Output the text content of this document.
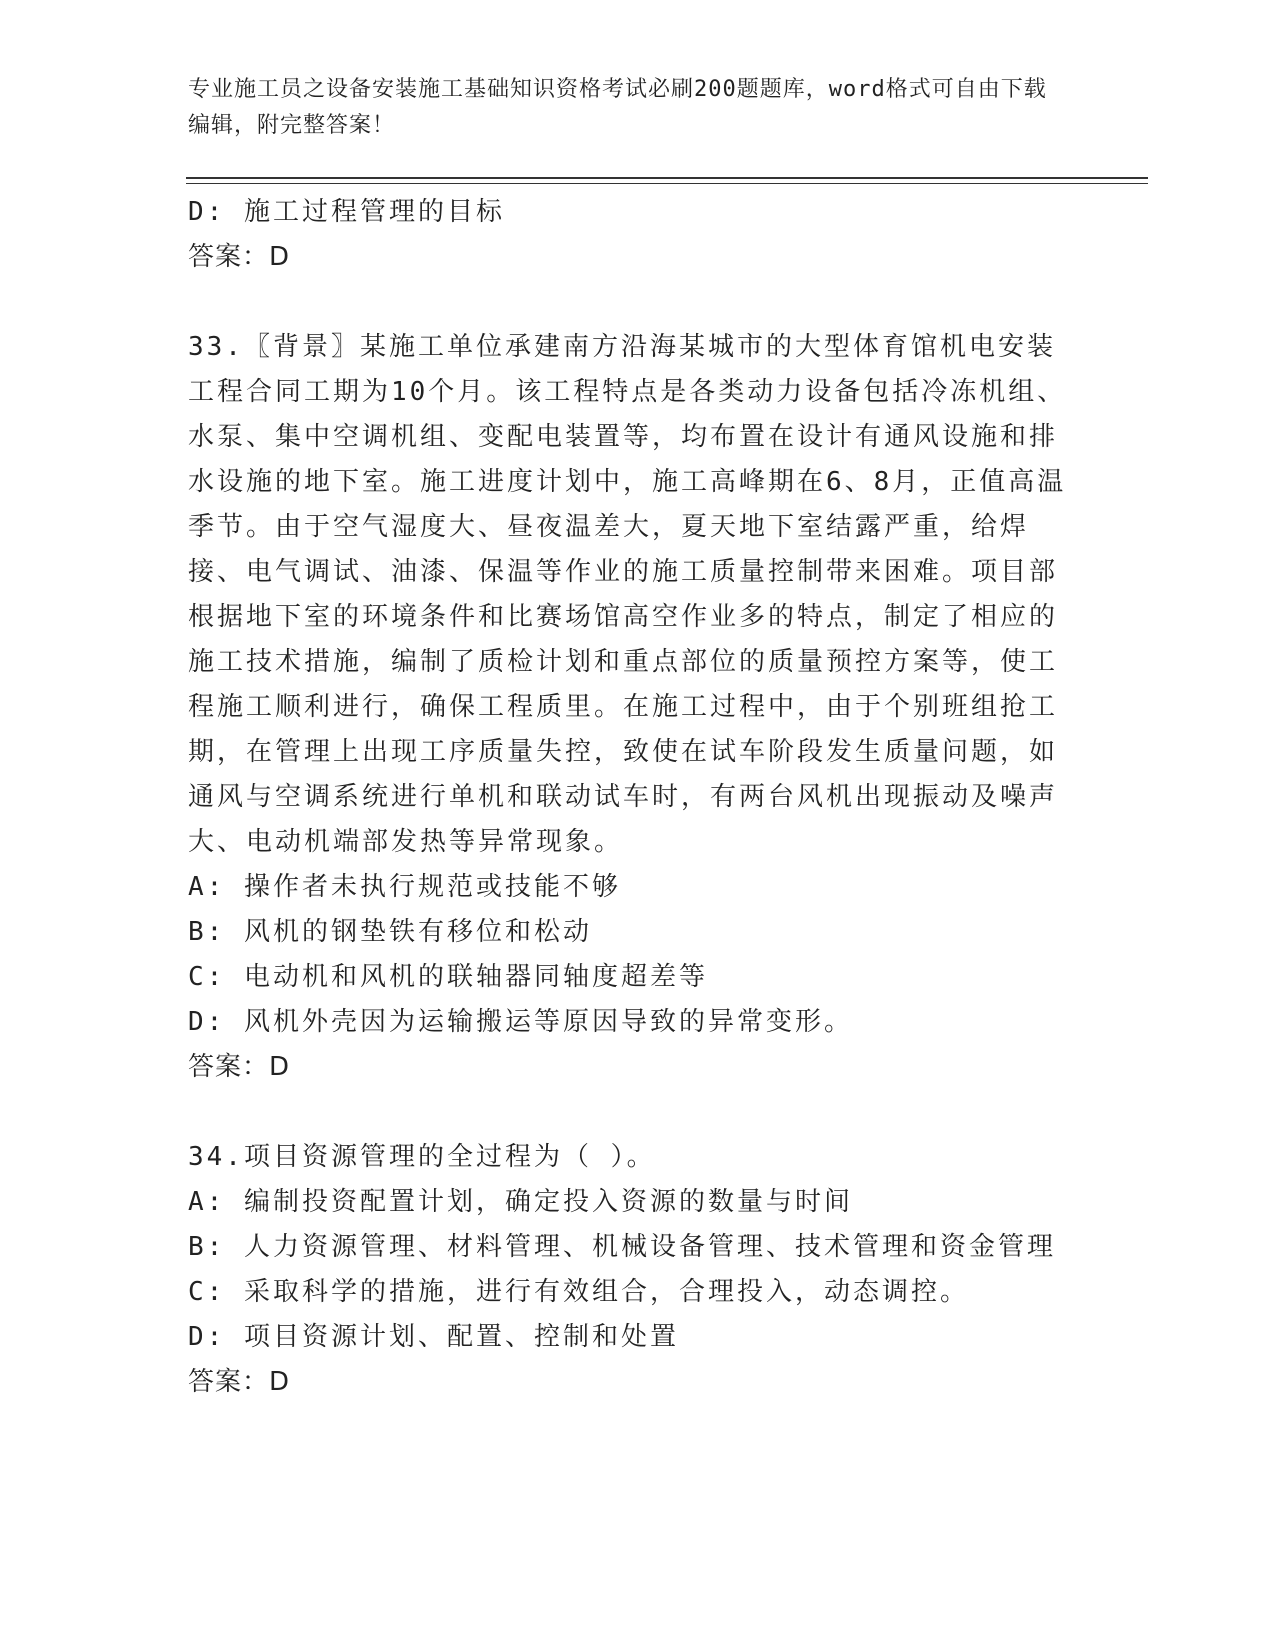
专业施工员之设备安装施工基础知识资格考试必刷200题题库，word格式可自由下载编辑，附完整答案！
D: 施工过程管理的目标
答案：D
33.〖背景〗某施工单位承建南方沿海某城市的大型体育馆机电安装工程合同工期为10个月。该工程特点是各类动力设备包括冷冻机组、水泵、集中空调机组、变配电装置等，均布置在设计有通风设施和排水设施的地下室。施工进度计划中，施工高峰期在6、8月，正值高温季节。由于空气湿度大、昼夜温差大，夏天地下室结露严重，给焊接、电气调试、油漆、保温等作业的施工质量控制带来困难。项目部根据地下室的环境条件和比赛场馆高空作业多的特点，制定了相应的施工技术措施，编制了质检计划和重点部位的质量预控方案等，使工程施工顺利进行，确保工程质里。在施工过程中，由于个别班组抢工期，在管理上出现工序质量失控，致使在试车阶段发生质量问题，如通风与空调系统进行单机和联动试车时，有两台风机出现振动及噪声大、电动机端部发热等异常现象。
A: 操作者未执行规范或技能不够
B: 风机的钢垫铁有移位和松动
C: 电动机和风机的联轴器同轴度超差等
D: 风机外壳因为运输搬运等原因导致的异常变形。
答案：D
34.项目资源管理的全过程为（ ）。
A: 编制投资配置计划，确定投入资源的数量与时间
B: 人力资源管理、材料管理、机械设备管理、技术管理和资金管理
C: 采取科学的措施，进行有效组合，合理投入，动态调控。
D: 项目资源计划、配置、控制和处置
答案：D
